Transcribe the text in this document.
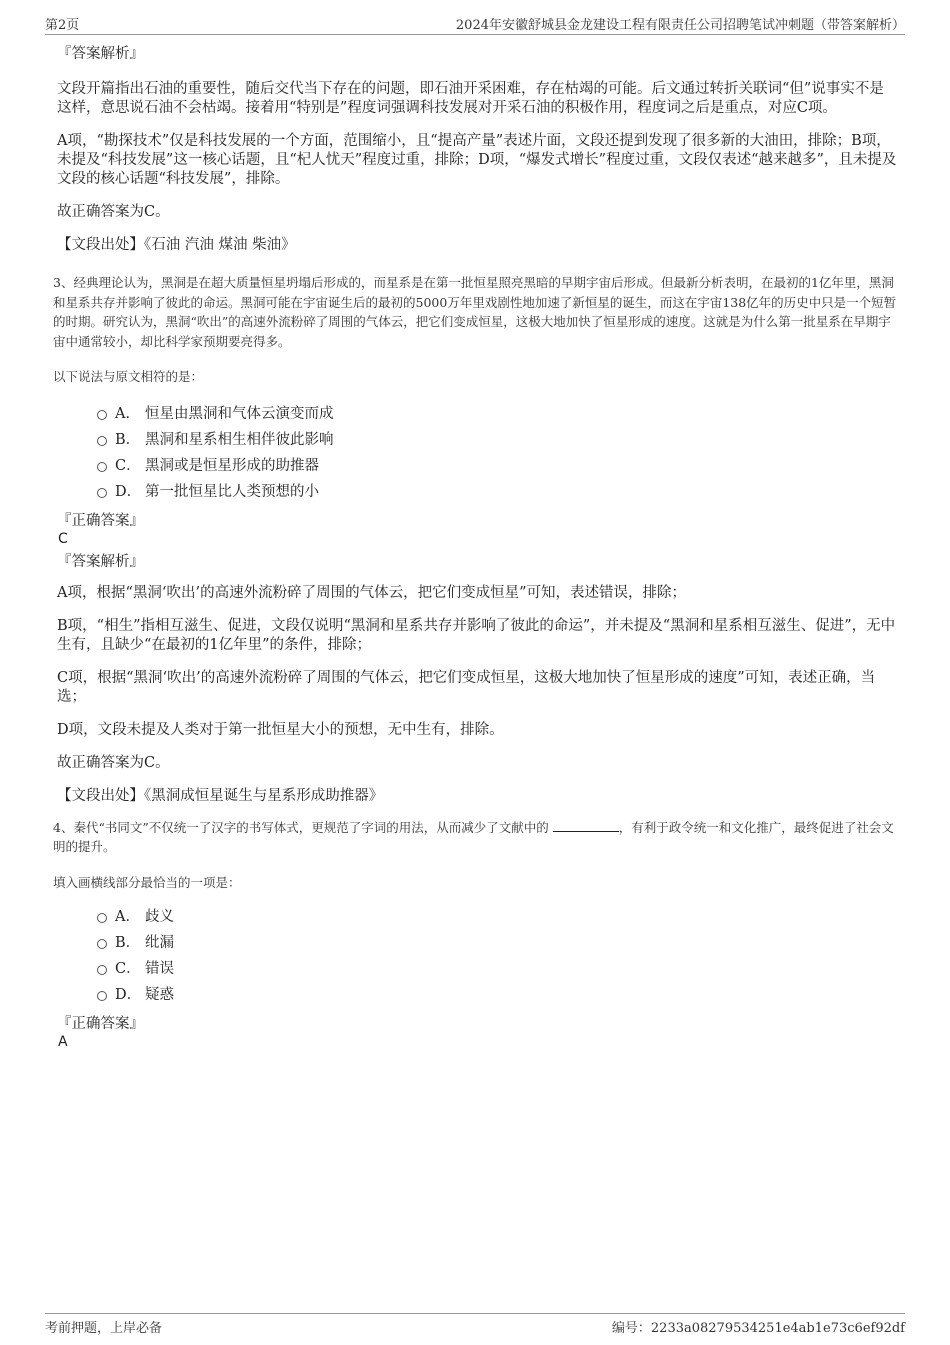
第2页	2024年安徽舒城县金龙建设工程有限责任公司招聘笔试冲刺题（带答案解析）

『答案解析』

文段开篇指出石油的重要性，随后交代当下存在的问题，即石油开采困难，存在枯竭的可能。后文通过转折关联词“但”说事实不是这样，意思说石油不会枯竭。接着用“特别是”程度词强调科技发展对开采石油的积极作用，程度词之后是重点，对应C项。

A项，“勘探技术”仅是科技发展的一个方面，范围缩小，且“提高产量”表述片面，文段还提到发现了很多新的大油田，排除；B项，未提及“科技发展”这一核心话题，且“杞人忧天”程度过重，排除；D项，“爆发式增长”程度过重，文段仅表述“越来越多”，且未提及文段的核心话题“科技发展”，排除。

故正确答案为C。

【文段出处】《石油 汽油 煤油 柴油》

3、经典理论认为，黑洞是在超大质量恒星坍塌后形成的，而星系是在第一批恒星照亮黑暗的早期宇宙后形成。但最新分析表明，在最初的1亿年里，黑洞和星系共存并影响了彼此的命运。黑洞可能在宇宙诞生后的最初的5000万年里戏剧性地加速了新恒星的诞生，而这在宇宙138亿年的历史中只是一个短暂的时期。研究认为，黑洞“吹出”的高速外流粉碎了周围的气体云，把它们变成恒星，这极大地加快了恒星形成的速度。这就是为什么第一批星系在早期宇宙中通常较小，却比科学家预期要亮得多。

以下说法与原文相符的是：

A． 恒星由黑洞和气体云演变而成
B． 黑洞和星系相生相伴彼此影响
C． 黑洞或是恒星形成的助推器
D． 第一批恒星比人类预想的小

『正确答案』

C

『答案解析』

A项，根据“黑洞‘吹出’的高速外流粉碎了周围的气体云，把它们变成恒星”可知，表述错误，排除；

B项，“相生”指相互滋生、促进，文段仅说明“黑洞和星系共存并影响了彼此的命运”，并未提及“黑洞和星系相互滋生、促进”，无中生有，且缺少“在最初的1亿年里”的条件，排除；

C项，根据“黑洞‘吹出’的高速外流粉碎了周围的气体云，把它们变成恒星，这极大地加快了恒星形成的速度”可知，表述正确，当选；

D项，文段未提及人类对于第一批恒星大小的预想，无中生有，排除。

故正确答案为C。

【文段出处】《黑洞成恒星诞生与星系形成助推器》

4、秦代“书同文”不仅统一了汉字的书写体式，更规范了字词的用法，从而减少了文献中的	，有利于政令统一和文化推广，最终促进了社会文明的提升。

填入画横线部分最恰当的一项是：

A． 歧义
B． 纰漏
C． 错误
D． 疑惑

『正确答案』

A

考前押题，上岸必备	编号：2233a08279534251e4ab1e73c6ef92df
